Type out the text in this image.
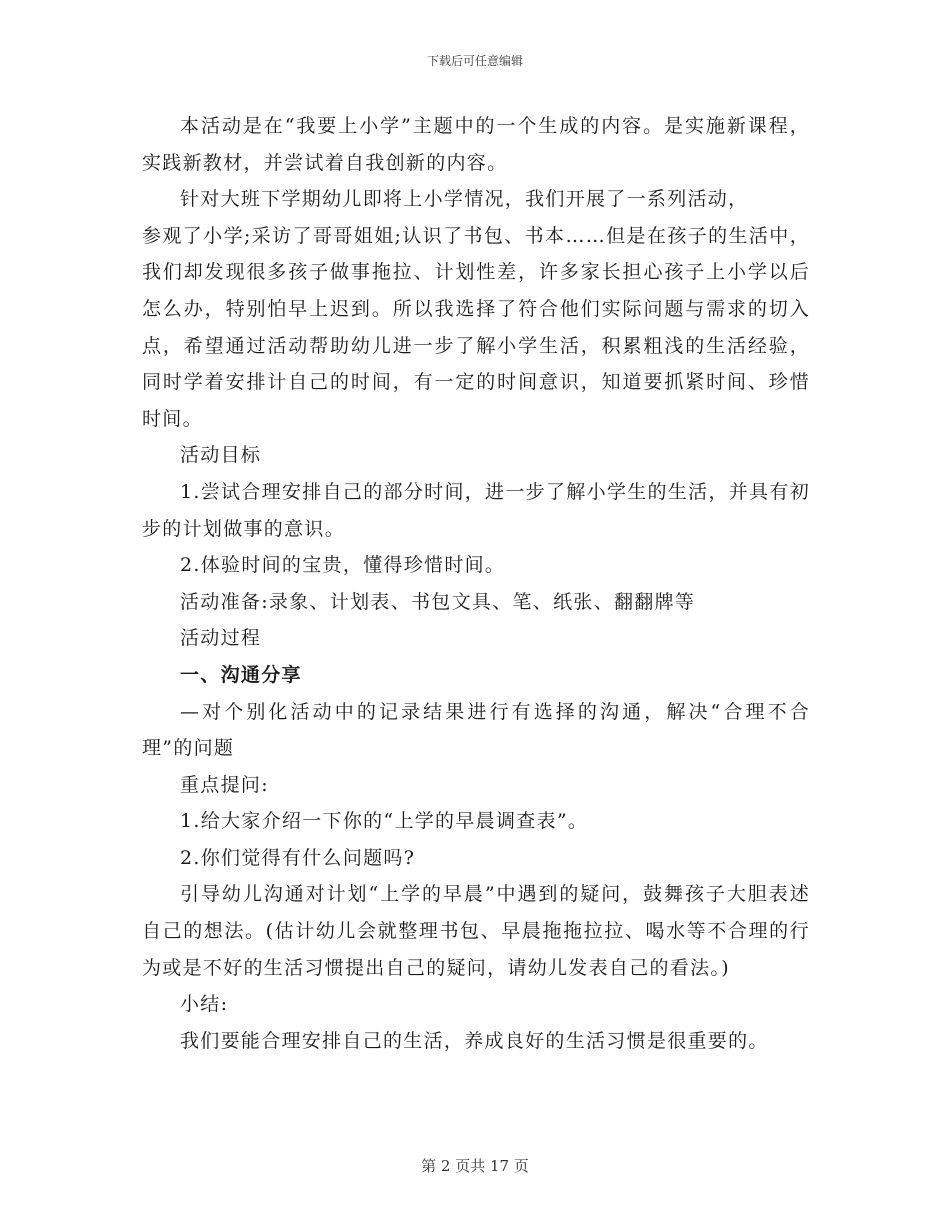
下载后可任意编辑

本活动是在“我要上小学”主题中的一个生成的内容。是实施新课程，实践新教材，并尝试着自我创新的内容。

针对大班下学期幼儿即将上小学情况，我们开展了一系列活动，

参观了小学;采访了哥哥姐姐;认识了书包、书本……但是在孩子的生活中，我们却发现很多孩子做事拖拉、计划性差，许多家长担心孩子上小学以后怎么办，特别怕早上迟到。所以我选择了符合他们实际问题与需求的切入点，希望通过活动帮助幼儿进一步了解小学生活，积累粗浅的生活经验，同时学着安排计自己的时间，有一定的时间意识，知道要抓紧时间、珍惜时间。

活动目标

1.尝试合理安排自己的部分时间，进一步了解小学生的生活，并具有初步的计划做事的意识。

2.体验时间的宝贵，懂得珍惜时间。

活动准备:录象、计划表、书包文具、笔、纸张、翻翻牌等

活动过程

一、沟通分享

—对个别化活动中的记录结果进行有选择的沟通，解决“合理不合理”的问题

重点提问:

1.给大家介绍一下你的“上学的早晨调查表”。

2.你们觉得有什么问题吗?

引导幼儿沟通对计划“上学的早晨”中遇到的疑问，鼓舞孩子大胆表述自己的想法。(估计幼儿会就整理书包、早晨拖拖拉拉、喝水等不合理的行为或是不好的生活习惯提出自己的疑问，请幼儿发表自己的看法。)

小结:

我们要能合理安排自己的生活，养成良好的生活习惯是很重要的。

第 2 页共 17 页
